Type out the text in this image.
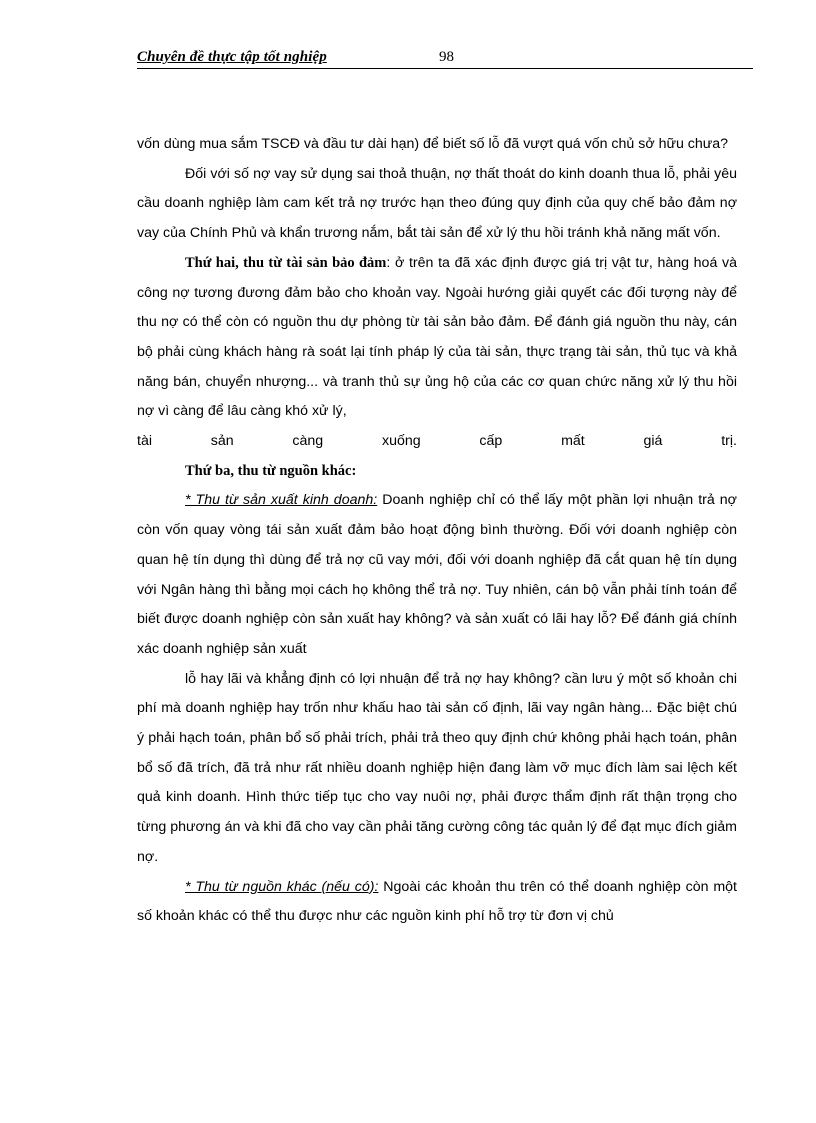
Chuyên đề thực tập tốt nghiệp	98

vốn dùng mua sắm TSCĐ và đầu tư dài hạn) để biết số lỗ đã vượt quá vốn chủ sở hữu chưa?

Đối với số nợ vay sử dụng sai thoả thuận, nợ thất thoát do kinh doanh thua lỗ, phải yêu cầu doanh nghiệp làm cam kết trả nợ trước hạn theo đúng quy định của quy chế bảo đảm nợ vay của Chính Phủ và khẩn trương nắm, bắt tài sản để xử lý thu hồi tránh khả năng mất vốn.

Thứ hai, thu từ tài sản bảo đảm: ở trên ta đã xác định được giá trị vật tư, hàng hoá và công nợ tương đương đảm bảo cho khoản vay. Ngoài hướng giải quyết các đối tượng này để thu nợ có thể còn có nguồn thu dự phòng từ tài sản bảo đảm. Để đánh giá nguồn thu này, cán bộ phải cùng khách hàng rà soát lại tính pháp lý của tài sản, thực trạng tài sản, thủ tục và khả năng bán, chuyển nhượng... và tranh thủ sự ủng hộ của các cơ quan chức năng xử lý thu hồi nợ vì càng để lâu càng khó xử lý,

tài sản càng xuống cấp mất giá trị.

Thứ ba, thu từ nguồn khác:

* Thu từ sản xuất kinh doanh: Doanh nghiệp chỉ có thể lấy một phần lợi nhuận trả nợ còn vốn quay vòng tái sản xuất đảm bảo hoạt động bình thường. Đối với doanh nghiệp còn quan hệ tín dụng thì dùng để trả nợ cũ vay mới, đối với doanh nghiệp đã cắt quan hệ tín dụng với Ngân hàng thì bằng mọi cách họ không thể trả nợ. Tuy nhiên, cán bộ vẫn phải tính toán để biết được doanh nghiệp còn sản xuất hay không? và sản xuất có lãi hay lỗ? Để đánh giá chính xác doanh nghiệp sản xuất

lỗ hay lãi và khẳng định có lợi nhuận để trả nợ hay không? cần lưu ý một số khoản chi phí mà doanh nghiệp hay trốn như khấu hao tài sản cố định, lãi vay ngân hàng... Đặc biệt chú ý phải hạch toán, phân bổ số phải trích, phải trả theo quy định chứ không phải hạch toán, phân bổ số đã trích, đã trả như rất nhiều doanh nghiệp hiện đang làm vỡ mục đích làm sai lệch kết quả kinh doanh. Hình thức tiếp tục cho vay nuôi nợ, phải được thẩm định rất thận trọng cho từng phương án và khi đã cho vay cần phải tăng cường công tác quản lý để đạt mục đích giảm nợ.

* Thu từ nguồn khác (nếu có): Ngoài các khoản thu trên có thể doanh nghiệp còn một số khoản khác có thể thu được như các nguồn kinh phí hỗ trợ từ đơn vị chủ
